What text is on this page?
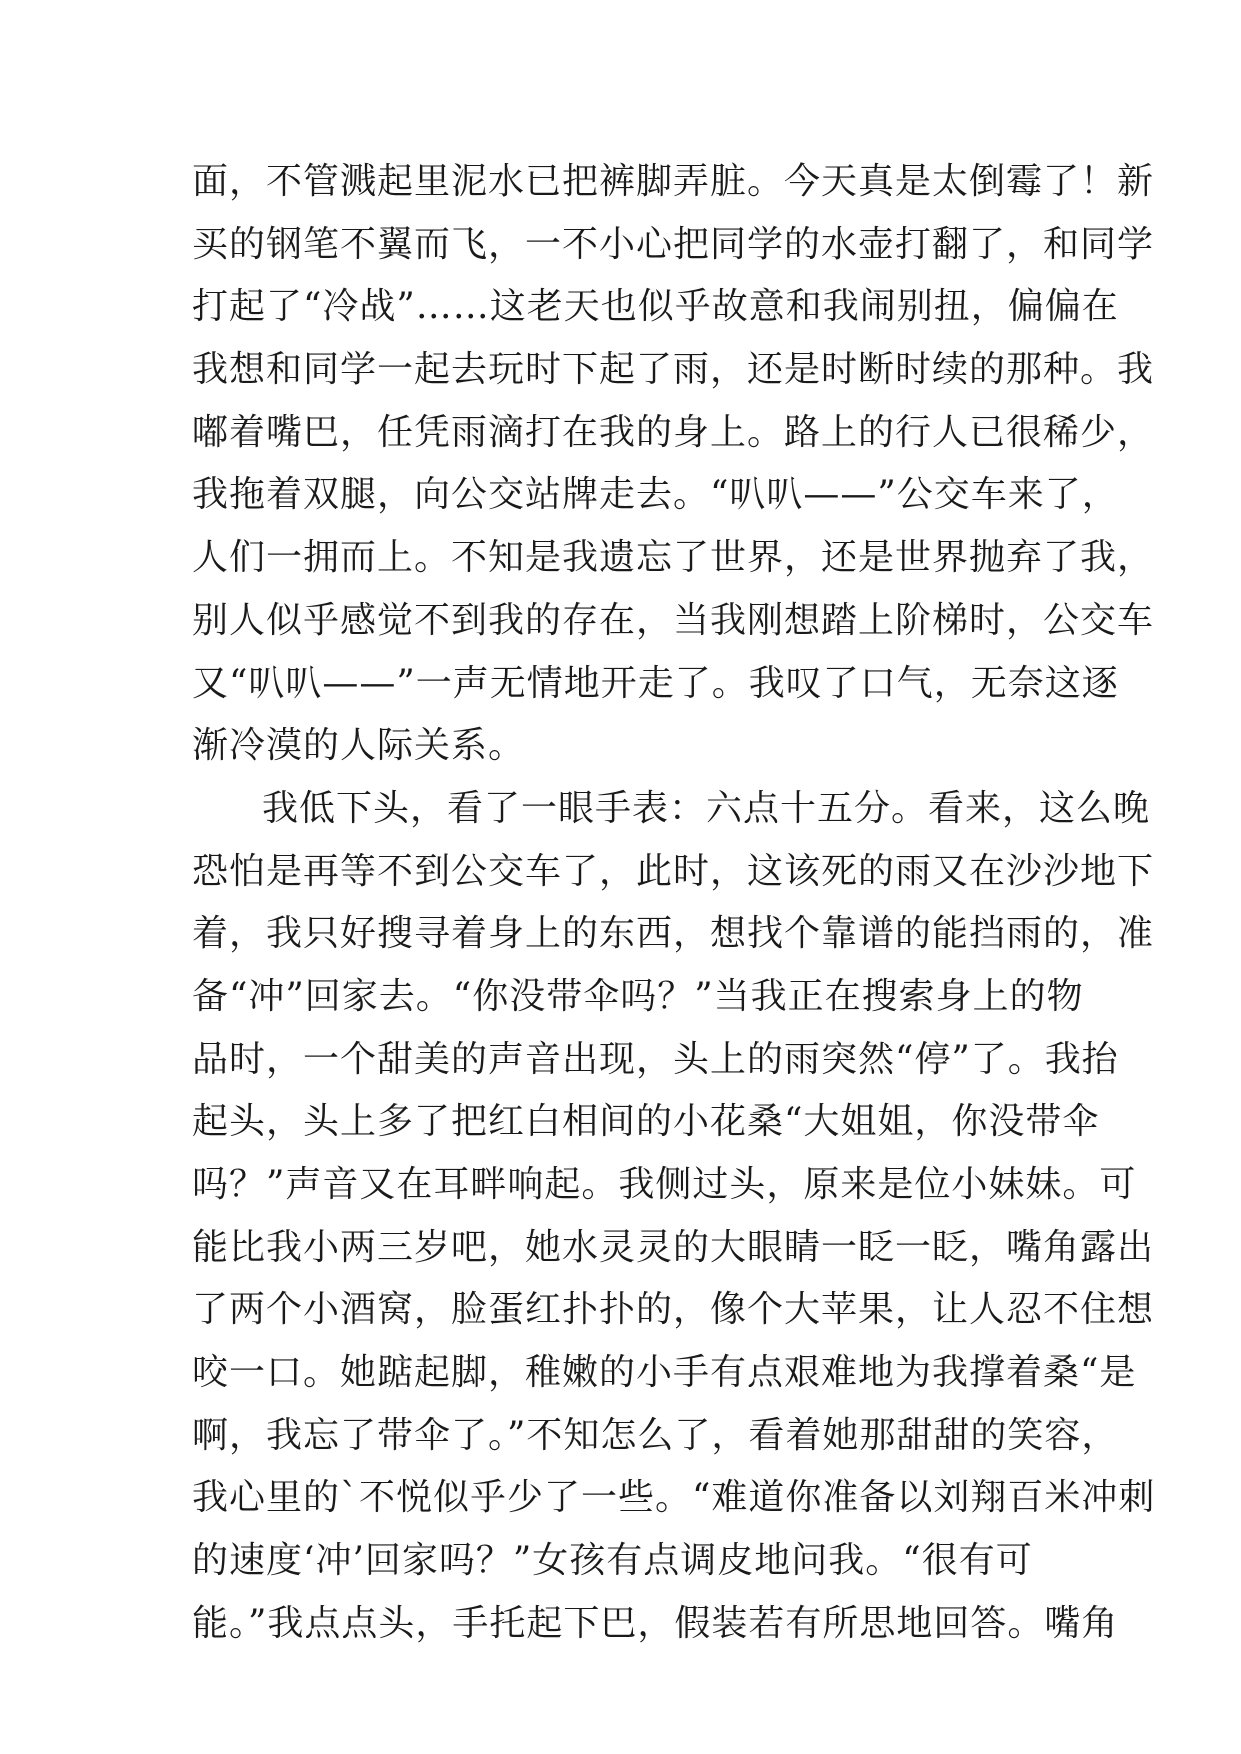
面，不管溅起里泥水已把裤脚弄脏。今天真是太倒霉了！新
买的钢笔不翼而飞，一不小心把同学的水壶打翻了，和同学
打起了“冷战”……这老天也似乎故意和我闹别扭，偏偏在
我想和同学一起去玩时下起了雨，还是时断时续的那种。我
嘟着嘴巴，任凭雨滴打在我的身上。路上的行人已很稀少，
我拖着双腿，向公交站牌走去。“叭叭——”公交车来了，
人们一拥而上。不知是我遗忘了世界，还是世界抛弃了我，
别人似乎感觉不到我的存在，当我刚想踏上阶梯时，公交车
又“叭叭——”一声无情地开走了。我叹了口气，无奈这逐
渐冷漠的人际关系。
我低下头，看了一眼手表：六点十五分。看来，这么晚
恐怕是再等不到公交车了，此时，这该死的雨又在沙沙地下
着，我只好搜寻着身上的东西，想找个靠谱的能挡雨的，准
备“冲”回家去。“你没带伞吗？”当我正在搜索身上的物
品时，一个甜美的声音出现，头上的雨突然“停”了。我抬
起头，头上多了把红白相间的小花桑“大姐姐，你没带伞
吗？”声音又在耳畔响起。我侧过头，原来是位小妹妹。可
能比我小两三岁吧，她水灵灵的大眼睛一眨一眨，嘴角露出
了两个小酒窝，脸蛋红扑扑的，像个大苹果，让人忍不住想
咬一口。她踮起脚，稚嫩的小手有点艰难地为我撑着桑“是
啊，我忘了带伞了。”不知怎么了，看着她那甜甜的笑容，
我心里的`不悦似乎少了一些。“难道你准备以刘翔百米冲刺
的速度‘冲’回家吗？”女孩有点调皮地问我。“很有可
能。”我点点头，手托起下巴，假装若有所思地回答。嘴角
